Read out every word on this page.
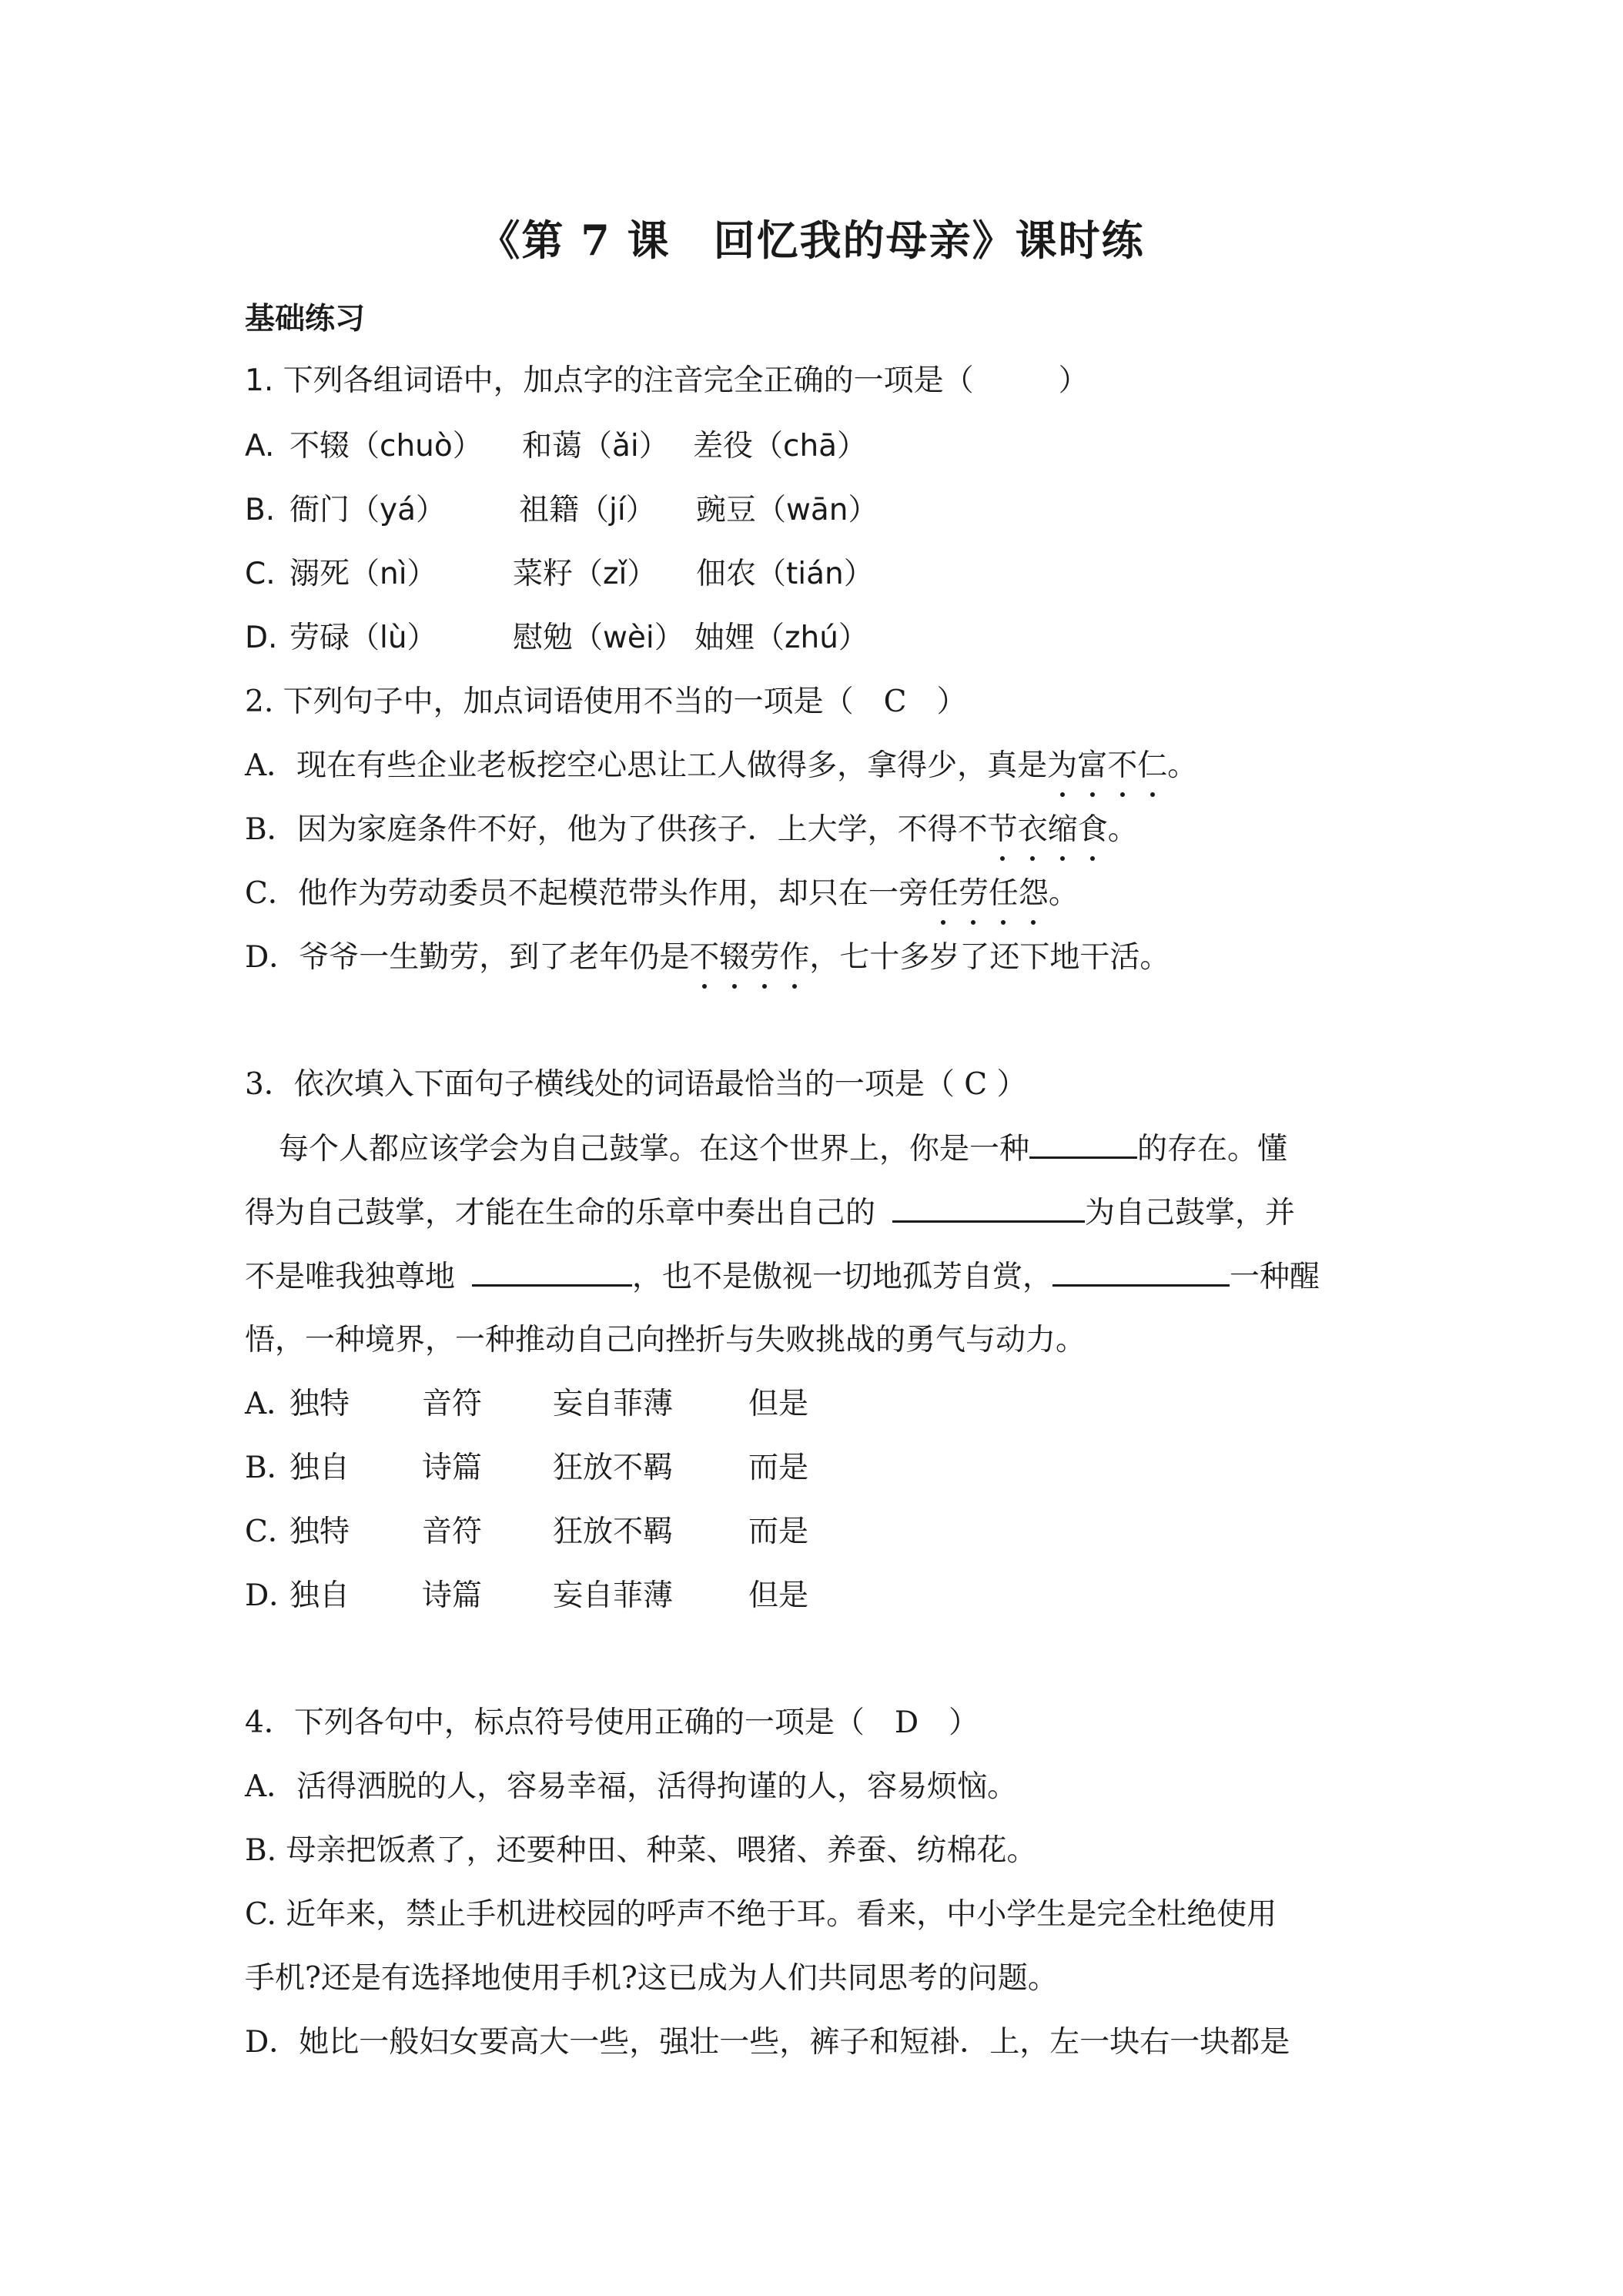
《第 7 课　回忆我的母亲》课时练
基础练习
1. 下列各组词语中，加点字的注音完全正确的一项是（	）
A. 不辍（chuò） 和蔼（ǎi） 差役（chā）
B. 衙门（yá） 祖籍（jí） 豌豆（wān）
C. 溺死（nì）	菜籽（zǐ） 佃农（tián）
D. 劳碌（lù）	慰勉（wèi） 妯娌（zhú）
2. 下列句子中，加点词语使用不当的一项是（　C　）
A．现在有些企业老板挖空心思让工人做得多，拿得少，真是为富不仁。
B．因为家庭条件不好，他为了供孩子．上大学，不得不节衣缩食。
C．他作为劳动委员不起模范带头作用，却只在一旁任劳任怨。
D．爷爷一生勤劳，到了老年仍是不辍劳作，七十多岁了还下地干活。
3．依次填入下面句子横线处的词语最恰当的一项是（ C ）
每个人都应该学会为自己鼓掌。在这个世界上，你是一种	的存在。懂
得为自己鼓掌，才能在生命的乐章中奏出自己的	为自己鼓掌，并
不是唯我独尊地	，也不是傲视一切地孤芳自赏，	一种醒
悟，一种境界，一种推动自己向挫折与失败挑战的勇气与动力。
A．独特 音符 妄自菲薄	但是
B．独自 诗篇 狂放不羁	而是
C．独特 音符 狂放不羁	而是
D．独自 诗篇 妄自菲薄	但是
4．下列各句中，标点符号使用正确的一项是（　D　）
A．活得洒脱的人，容易幸福，活得拘谨的人，容易烦恼。
B. 母亲把饭煮了，还要种田、种菜、喂猪、养蚕、纺棉花。
C. 近年来，禁止手机进校园的呼声不绝于耳。看来，中小学生是完全杜绝使用
手机?还是有选择地使用手机?这已成为人们共同思考的问题。
D．她比一般妇女要高大一些，强壮一些，裤子和短褂．上，左一块右一块都是
